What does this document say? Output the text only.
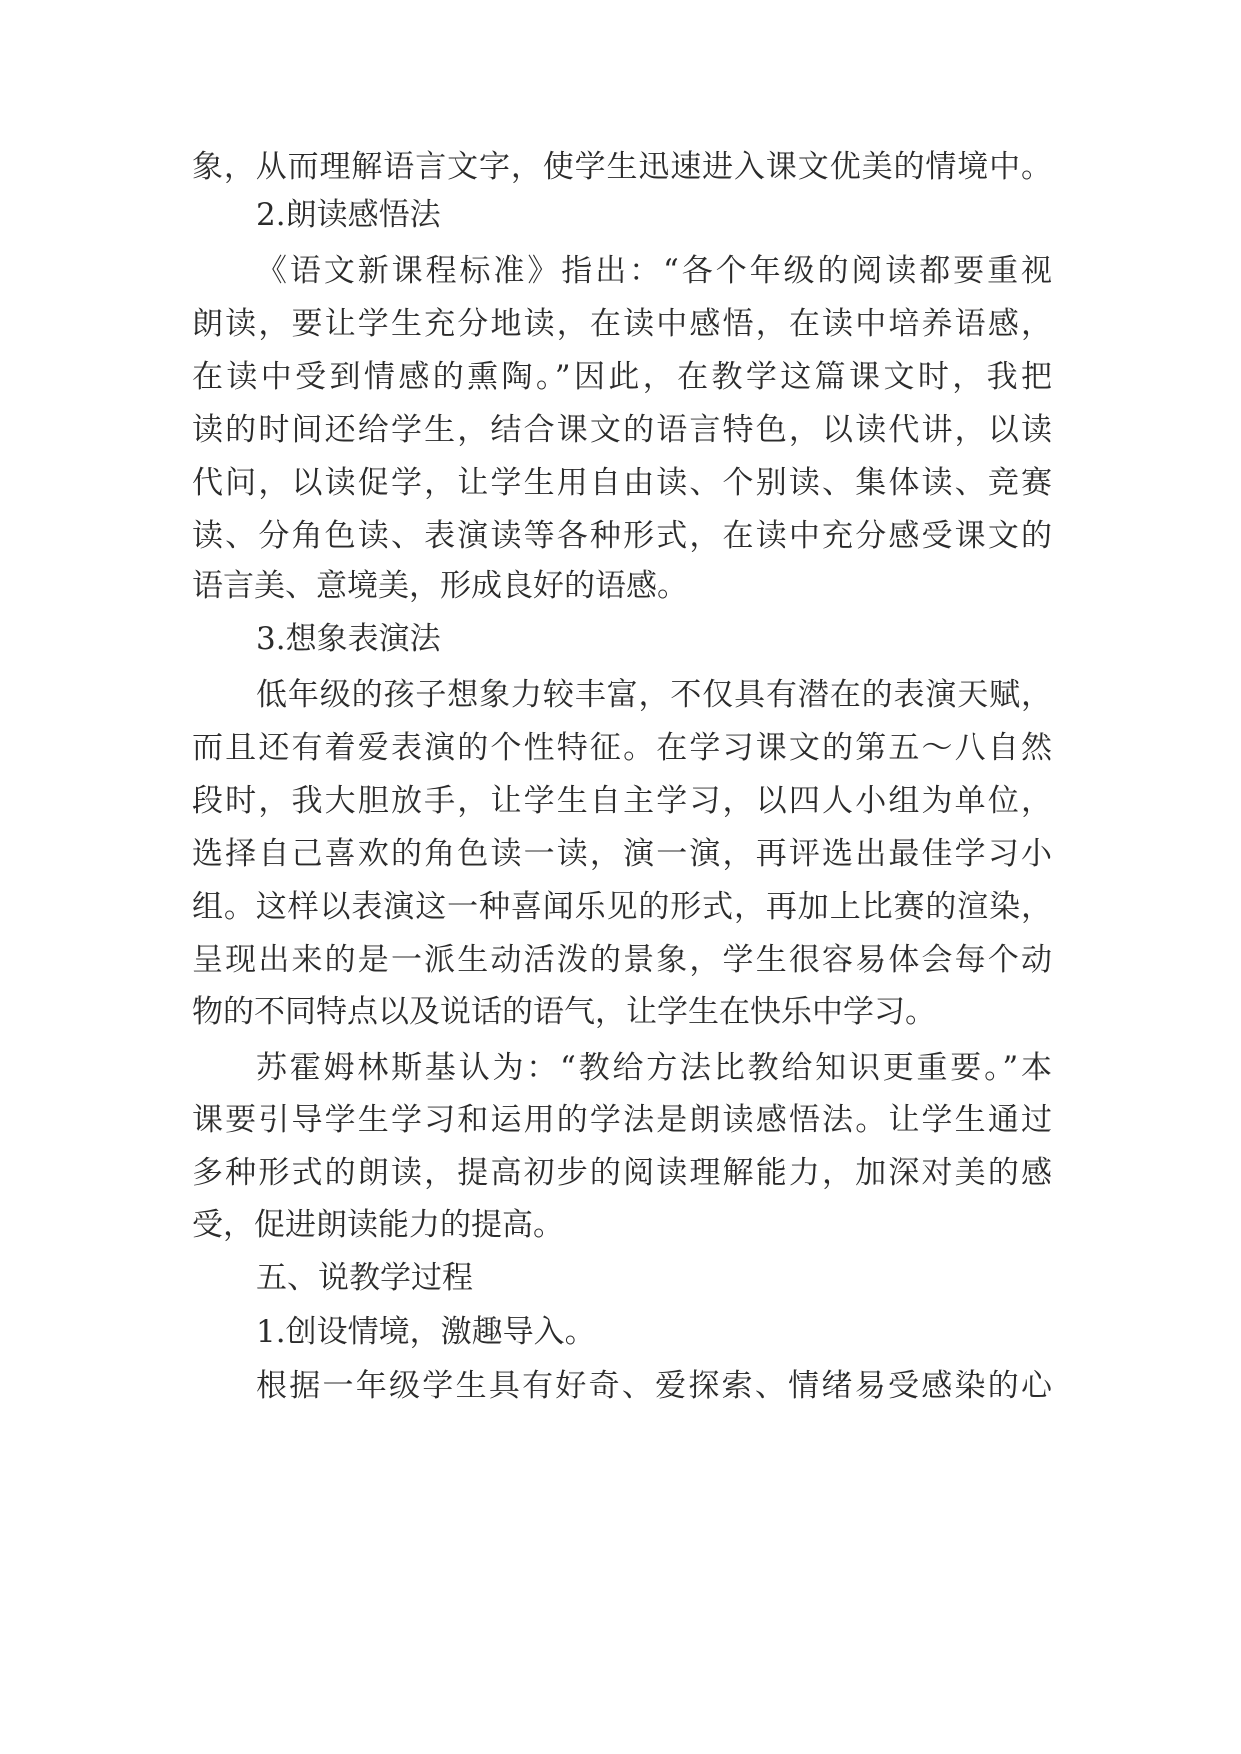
象，从而理解语言文字，使学生迅速进入课文优美的情境中。
2.朗读感悟法
《语文新课程标准》指出：“各个年级的阅读都要重视
朗读，要让学生充分地读，在读中感悟，在读中培养语感，
在读中受到情感的熏陶。”因此，在教学这篇课文时，我把
读的时间还给学生，结合课文的语言特色，以读代讲，以读
代问，以读促学，让学生用自由读、个别读、集体读、竞赛
读、分角色读、表演读等各种形式，在读中充分感受课文的
语言美、意境美，形成良好的语感。
3.想象表演法
低年级的孩子想象力较丰富，不仅具有潜在的表演天赋，
而且还有着爱表演的个性特征。在学习课文的第五～八自然
段时，我大胆放手，让学生自主学习，以四人小组为单位，
选择自己喜欢的角色读一读，演一演，再评选出最佳学习小
组。这样以表演这一种喜闻乐见的形式，再加上比赛的渲染，
呈现出来的是一派生动活泼的景象，学生很容易体会每个动
物的不同特点以及说话的语气，让学生在快乐中学习。
苏霍姆林斯基认为：“教给方法比教给知识更重要。”本
课要引导学生学习和运用的学法是朗读感悟法。让学生通过
多种形式的朗读，提高初步的阅读理解能力，加深对美的感
受，促进朗读能力的提高。
五、说教学过程
1.创设情境，激趣导入。
根据一年级学生具有好奇、爱探索、情绪易受感染的心
